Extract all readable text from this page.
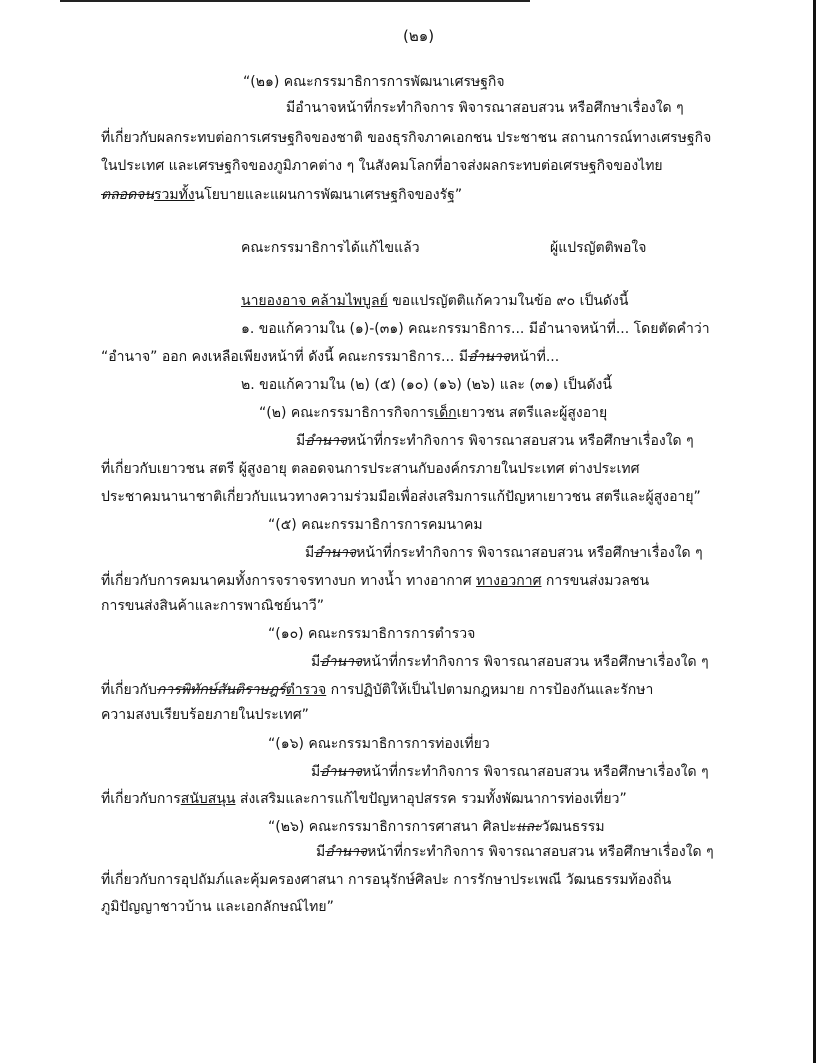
(๒๑)
“(๒๑) คณะกรรมาธิการการพัฒนาเศรษฐกิจ
มีอำนาจหน้าที่กระทำกิจการ พิจารณาสอบสวน หรือศึกษาเรื่องใด ๆ
ที่เกี่ยวกับผลกระทบต่อการเศรษฐกิจของชาติ ของธุรกิจภาคเอกชน ประชาชน สถานการณ์ทางเศรษฐกิจ
ในประเทศ และเศรษฐกิจของภูมิภาคต่าง ๆ ในสังคมโลกที่อาจส่งผลกระทบต่อเศรษฐกิจของไทย
ตลอดจนรวมทั้งนโยบายและแผนการพัฒนาเศรษฐกิจของรัฐ”
คณะกรรมาธิการได้แก้ไขแล้ว	ผู้แปรญัตติพอใจ
นายองอาจ คล้ามไพบูลย์ ขอแปรญัตติแก้ความในข้อ ๙๐ เป็นดังนี้
๑. ขอแก้ความใน (๑)-(๓๑) คณะกรรมาธิการ... มีอำนาจหน้าที่... โดยตัดคำว่า
“อำนาจ” ออก คงเหลือเพียงหน้าที่ ดังนี้ คณะกรรมาธิการ... มีอำนาจหน้าที่...
๒. ขอแก้ความใน (๒) (๕) (๑๐) (๑๖) (๒๖) และ (๓๑) เป็นดังนี้
“(๒) คณะกรรมาธิการกิจการเด็กเยาวชน สตรีและผู้สูงอายุ
มีอำนาจหน้าที่กระทำกิจการ พิจารณาสอบสวน หรือศึกษาเรื่องใด ๆ
ที่เกี่ยวกับเยาวชน สตรี ผู้สูงอายุ ตลอดจนการประสานกับองค์กรภายในประเทศ ต่างประเทศ
ประชาคมนานาชาติเกี่ยวกับแนวทางความร่วมมือเพื่อส่งเสริมการแก้ปัญหาเยาวชน สตรีและผู้สูงอายุ”
“(๕) คณะกรรมาธิการการคมนาคม
มีอำนาจหน้าที่กระทำกิจการ พิจารณาสอบสวน หรือศึกษาเรื่องใด ๆ
ที่เกี่ยวกับการคมนาคมทั้งการจราจรทางบก ทางน้ำ ทางอากาศ ทางอวกาศ การขนส่งมวลชน
การขนส่งสินค้าและการพาณิชย์นาวี”
“(๑๐) คณะกรรมาธิการการตำรวจ
มีอำนาจหน้าที่กระทำกิจการ พิจารณาสอบสวน หรือศึกษาเรื่องใด ๆ
ที่เกี่ยวกับการพิทักษ์สันติราษฎร์ตำรวจ การปฏิบัติให้เป็นไปตามกฎหมาย การป้องกันและรักษา
ความสงบเรียบร้อยภายในประเทศ”
“(๑๖) คณะกรรมาธิการการท่องเที่ยว
มีอำนาจหน้าที่กระทำกิจการ พิจารณาสอบสวน หรือศึกษาเรื่องใด ๆ
ที่เกี่ยวกับการสนับสนุน ส่งเสริมและการแก้ไขปัญหาอุปสรรค รวมทั้งพัฒนาการท่องเที่ยว”
“(๒๖) คณะกรรมาธิการการศาสนา ศิลปะและวัฒนธรรม
มีอำนาจหน้าที่กระทำกิจการ พิจารณาสอบสวน หรือศึกษาเรื่องใด ๆ
ที่เกี่ยวกับการอุปถัมภ์และคุ้มครองศาสนา การอนุรักษ์ศิลปะ การรักษาประเพณี วัฒนธรรมท้องถิ่น
ภูมิปัญญาชาวบ้าน และเอกลักษณ์ไทย”
